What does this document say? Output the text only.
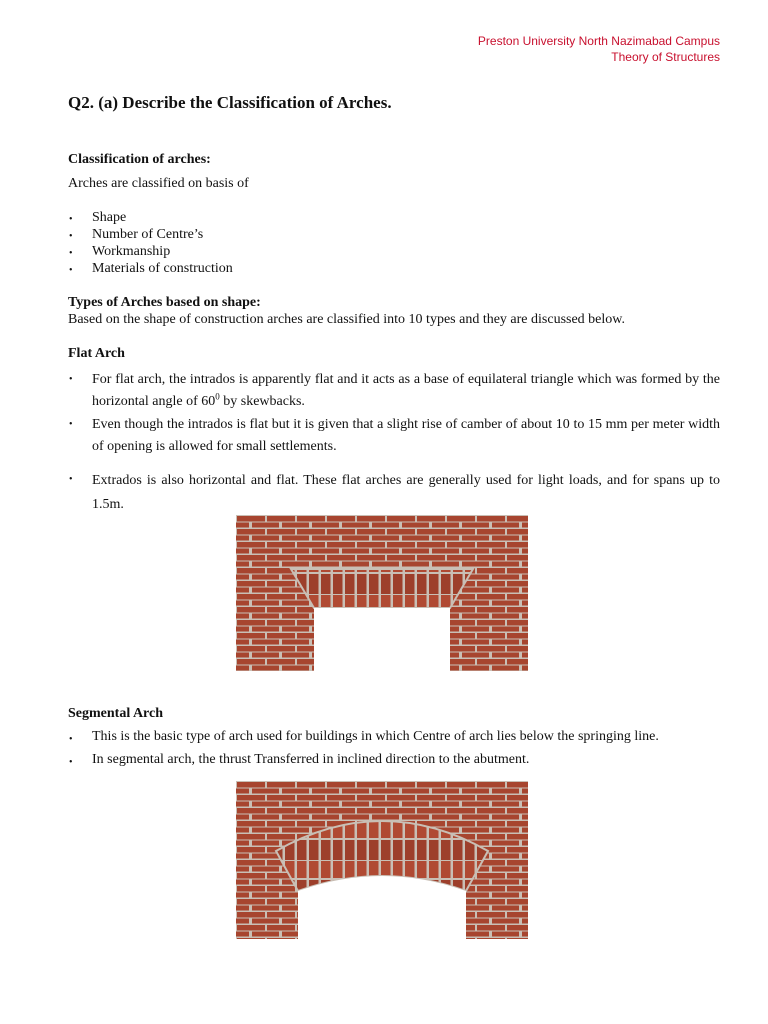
Preston University North Nazimabad Campus
Theory of Structures
Q2. (a) Describe the Classification of Arches.
Classification of arches:
Arches are classified on basis of
• Shape
• Number of Centre’s
• Workmanship
• Materials of construction
Types of Arches based on shape:
Based on the shape of construction arches are classified into 10 types and they are discussed below.
Flat Arch
• For flat arch, the intrados is apparently flat and it acts as a base of equilateral triangle which was formed by the horizontal angle of $60^0$ by skewbacks.
• Even though the intrados is flat but it is given that a slight rise of camber of about 10 to 15 mm per meter width of opening is allowed for small settlements.
• Extrados is also horizontal and flat. These flat arches are generally used for light loads, and for spans up to 1.5m.
Segmental Arch
• This is the basic type of arch used for buildings in which Centre of arch lies below the springing line.
• In segmental arch, the thrust Transferred in inclined direction to the abutment.
